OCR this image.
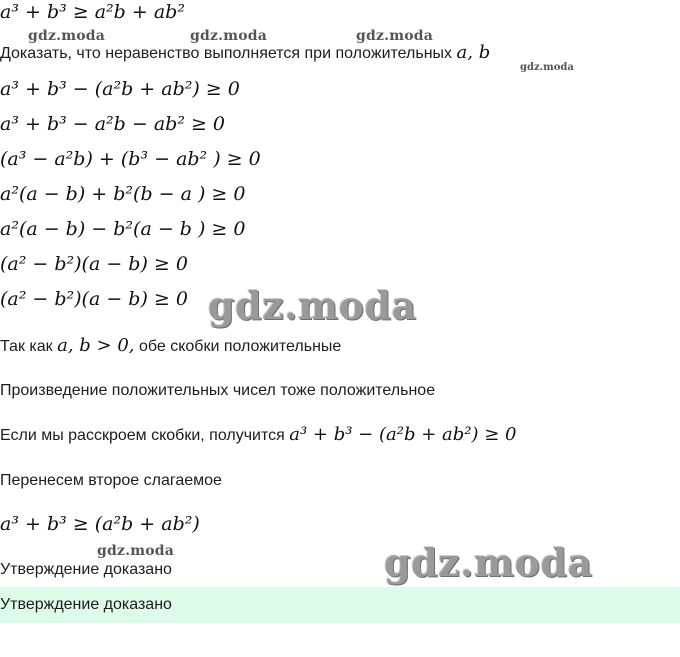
a³ + b³ ≥ a²b + ab²
gdz.moda	gdz.moda	gdz.moda
Доказать, что неравенство выполняется при положительных a, b
gdz.moda
a³ + b³ − (a²b + ab²) ≥ 0
a³ + b³ − a²b − ab² ≥ 0
(a³ − a²b) + (b³ − ab² ) ≥ 0
a²(a − b) + b²(b − a ) ≥ 0
a²(a − b) − b²(a − b ) ≥ 0
(a² − b²)(a − b) ≥ 0
(a² − b²)(a − b) ≥ 0 gdz.moda
Так как a, b > 0, обе скобки положительные
Произведение положительных чисел тоже положительное
Если мы расскроем скобки, получится a³ + b³ − (a²b + ab²) ≥ 0
Перенесем второе слагаемое
a³ + b³ ≥ (a²b + ab²)
gdz.moda
Утверждение доказано	gdz.moda
Утверждение доказано
